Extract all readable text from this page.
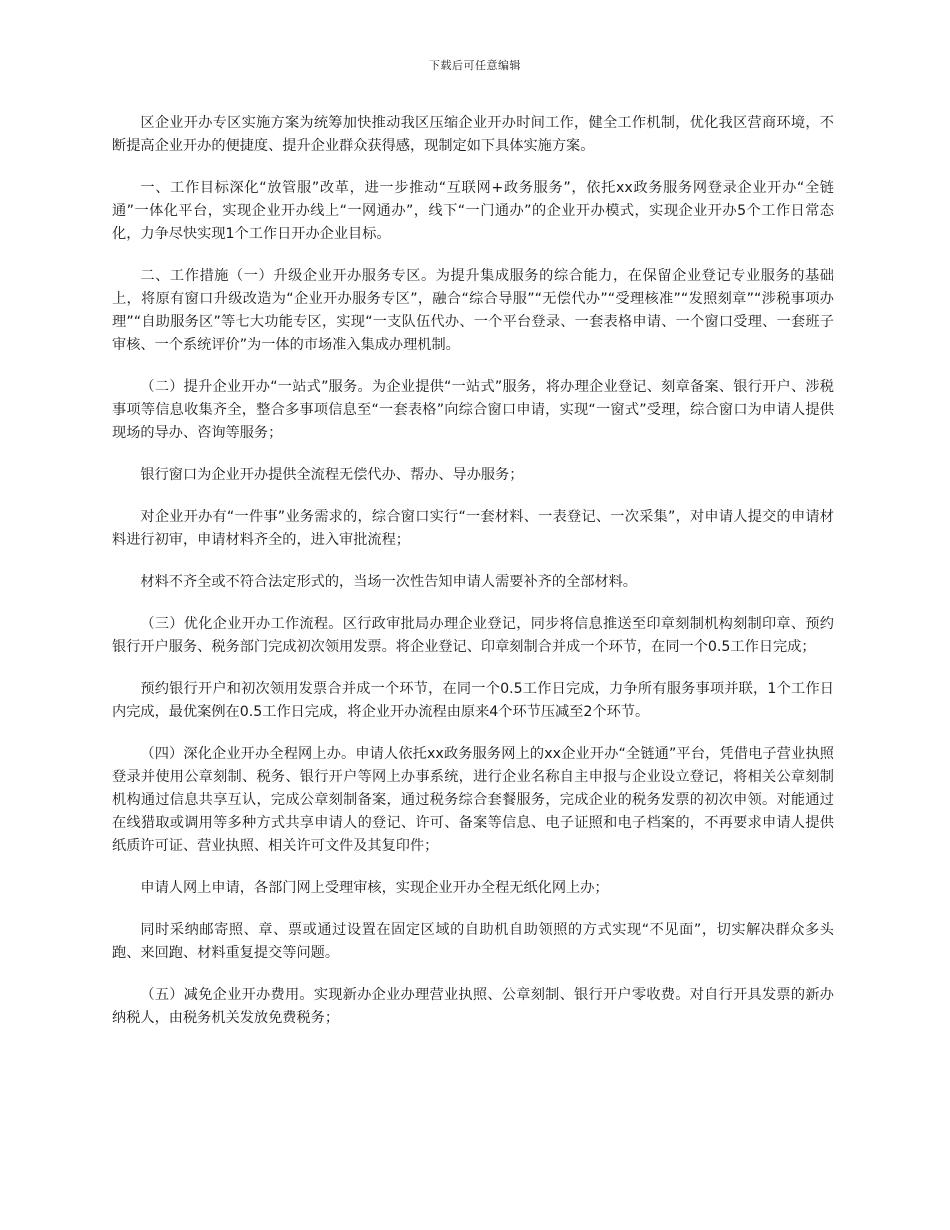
下载后可任意编辑

区企业开办专区实施方案为统筹加快推动我区压缩企业开办时间工作，健全工作机制，优化我区营商环境，不断提高企业开办的便捷度、提升企业群众获得感，现制定如下具体实施方案。

一、工作目标深化“放管服”改革，进一步推动“互联网+政务服务”，依托xx政务服务网登录企业开办“全链通”一体化平台，实现企业开办线上“一网通办”，线下“一门通办”的企业开办模式，实现企业开办5个工作日常态化，力争尽快实现1个工作日开办企业目标。

二、工作措施（一）升级企业开办服务专区。为提升集成服务的综合能力，在保留企业登记专业服务的基础上，将原有窗口升级改造为“企业开办服务专区”，融合“综合导服”“无偿代办”“受理核准”“发照刻章”“涉税事项办理”“自助服务区”等七大功能专区，实现“一支队伍代办、一个平台登录、一套表格申请、一个窗口受理、一套班子审核、一个系统评价”为一体的市场准入集成办理机制。

（二）提升企业开办“一站式”服务。为企业提供“一站式”服务，将办理企业登记、刻章备案、银行开户、涉税事项等信息收集齐全，整合多事项信息至“一套表格”向综合窗口申请，实现“一窗式”受理，综合窗口为申请人提供现场的导办、咨询等服务；

银行窗口为企业开办提供全流程无偿代办、帮办、导办服务；

对企业开办有“一件事”业务需求的，综合窗口实行“一套材料、一表登记、一次采集”，对申请人提交的申请材料进行初审，申请材料齐全的，进入审批流程；

材料不齐全或不符合法定形式的，当场一次性告知申请人需要补齐的全部材料。

（三）优化企业开办工作流程。区行政审批局办理企业登记，同步将信息推送至印章刻制机构刻制印章、预约银行开户服务、税务部门完成初次领用发票。将企业登记、印章刻制合并成一个环节，在同一个0.5工作日完成；

预约银行开户和初次领用发票合并成一个环节，在同一个0.5工作日完成，力争所有服务事项并联，1个工作日内完成，最优案例在0.5工作日完成，将企业开办流程由原来4个环节压减至2个环节。

（四）深化企业开办全程网上办。申请人依托xx政务服务网上的xx企业开办“全链通”平台，凭借电子营业执照登录并使用公章刻制、税务、银行开户等网上办事系统，进行企业名称自主申报与企业设立登记，将相关公章刻制机构通过信息共享互认，完成公章刻制备案，通过税务综合套餐服务，完成企业的税务发票的初次申领。对能通过在线猎取或调用等多种方式共享申请人的登记、许可、备案等信息、电子证照和电子档案的，不再要求申请人提供纸质许可证、营业执照、相关许可文件及其复印件；

申请人网上申请，各部门网上受理审核，实现企业开办全程无纸化网上办；

同时采纳邮寄照、章、票或通过设置在固定区域的自助机自助领照的方式实现“不见面”，切实解决群众多头跑、来回跑、材料重复提交等问题。

（五）减免企业开办费用。实现新办企业办理营业执照、公章刻制、银行开户零收费。对自行开具发票的新办纳税人，由税务机关发放免费税务；
